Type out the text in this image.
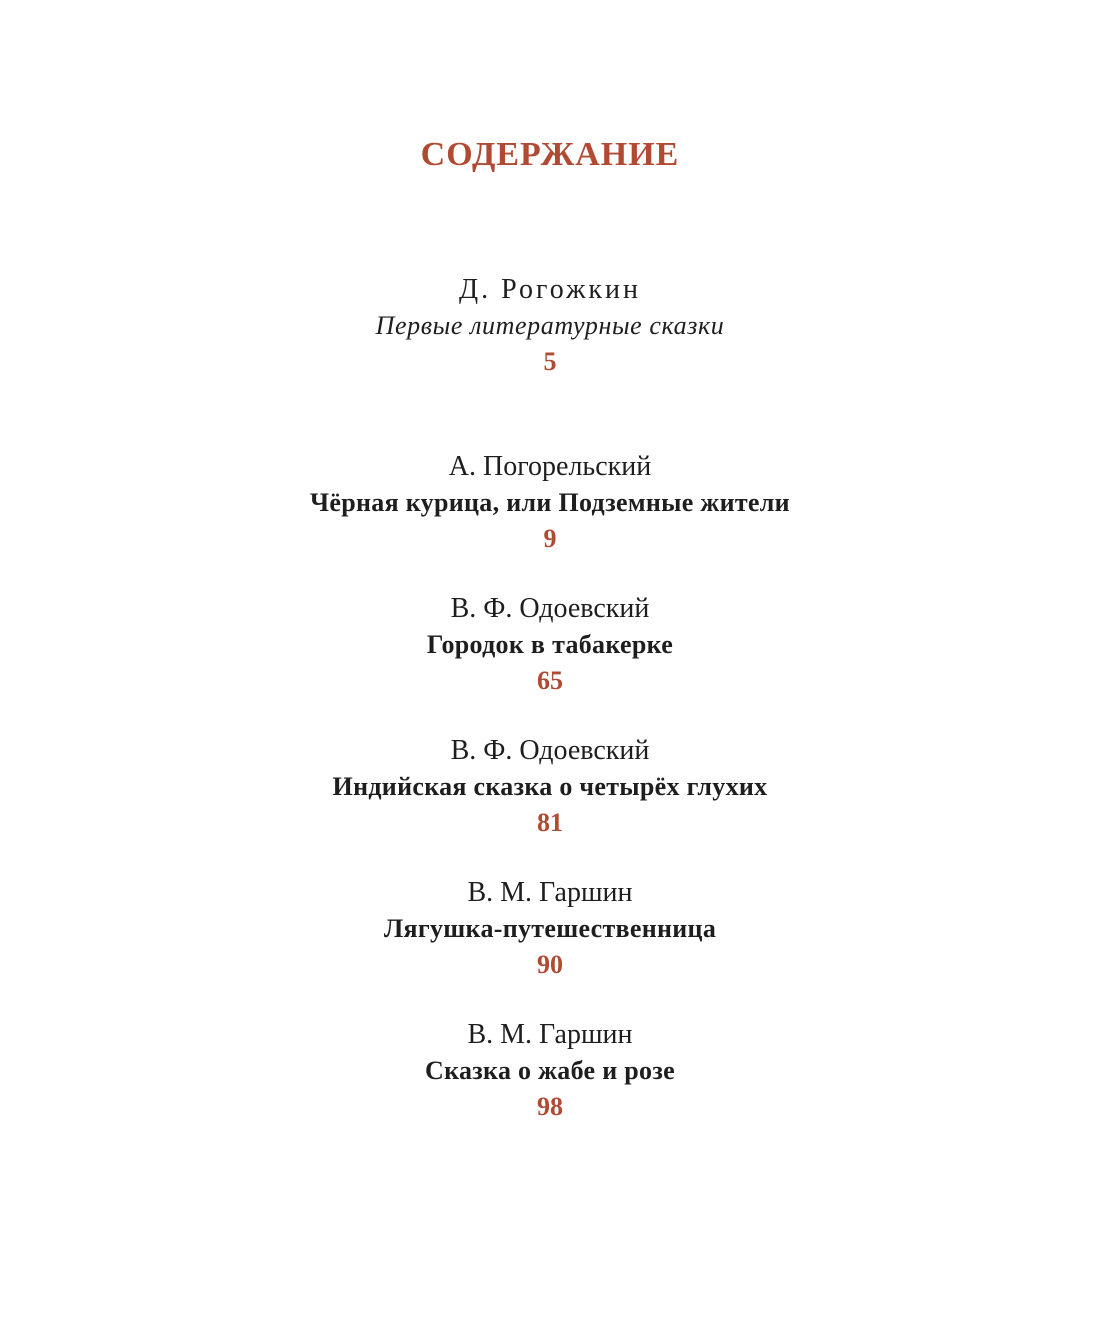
СОДЕРЖАНИЕ
Д. Рогожкин
Первые литературные сказки
5
А. Погорельский
Чёрная курица, или Подземные жители
9
В. Ф. Одоевский
Городок в табакерке
65
В. Ф. Одоевский
Индийская сказка о четырёх глухих
81
В. М. Гаршин
Лягушка-путешественница
90
В. М. Гаршин
Сказка о жабе и розе
98
